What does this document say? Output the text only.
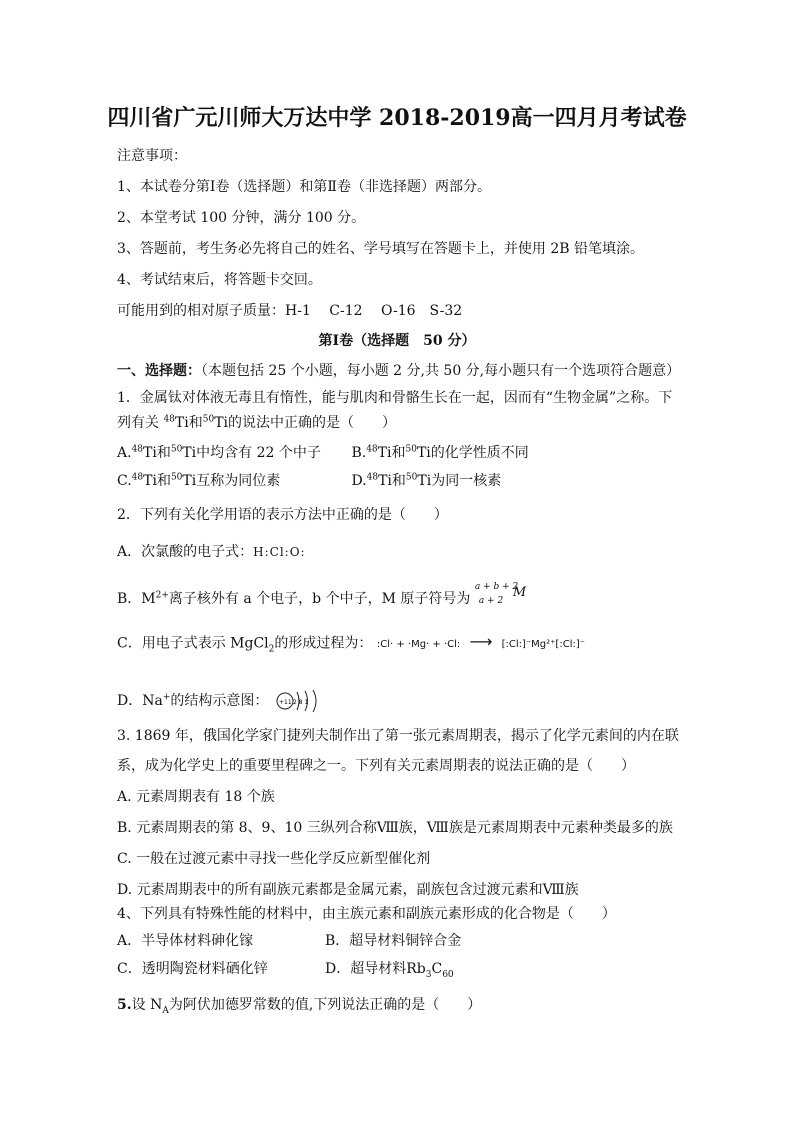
四川省广元川师大万达中学 2018-2019高一四月月考试卷
注意事项：
1、本试卷分第Ⅰ卷（选择题）和第Ⅱ卷（非选择题）两部分。
2、本堂考试 100 分钟，满分 100 分。
3、答题前，考生务必先将自己的姓名、学号填写在答题卡上，并使用 2B 铅笔填涂。
4、考试结束后，将答题卡交回。
可能用到的相对原子质量：H-1　 C-12　 O-16　S-32
第Ⅰ卷（选择题　50 分）
一、选择题：（本题包括 25 个小题，每小题 2 分,共 50 分,每小题只有一个选项符合题意）
1．金属钛对体液无毒且有惰性，能与肌肉和骨骼生长在一起，因而有“生物金属”之称。下
列有关 $^{48}$Ti和$^{50}$Ti的说法中正确的是（　　）
A.$^{48}$Ti和$^{50}$Ti中均含有 22 个中子 B.$^{48}$Ti和$^{50}$Ti的化学性质不同
C.$^{48}$Ti和$^{50}$Ti互称为同位素	D.$^{48}$Ti和$^{50}$Ti为同一核素
2．下列有关化学用语的表示方法中正确的是（　　）
A．次氯酸的电子式：H:Cl:O:
B．$M^{2+}$离子核外有 a 个电子，b 个中子，M 原子符号为
a + b + 2
a + 2
M
C．用电子式表示 MgCl$_2$的形成过程为： :Cl· + ·Mg· + ·Cl: ⟶ [:Cl:]⁻Mg²⁺[:Cl:]⁻
D．Na+的结构示意图： +11 2 8 1
3. 1869 年，俄国化学家门捷列夫制作出了第一张元素周期表，揭示了化学元素间的内在联
系，成为化学史上的重要里程碑之一。下列有关元素周期表的说法正确的是（　　）
A. 元素周期表有 18 个族
B. 元素周期表的第 8、9、10 三纵列合称Ⅷ族，Ⅷ族是元素周期表中元素种类最多的族
C. 一般在过渡元素中寻找一些化学反应新型催化剂
D. 元素周期表中的所有副族元素都是金属元素，副族包含过渡元素和Ⅷ族
4、下列具有特殊性能的材料中，由主族元素和副族元素形成的化合物是（　　）
A．半导体材料砷化镓	B．超导材料铜锌合金
C．透明陶瓷材料硒化锌	D．超导材料$Rb_3C_{60}$
5.设 $N_A$为阿伏加德罗常数的值,下列说法正确的是（　　）
